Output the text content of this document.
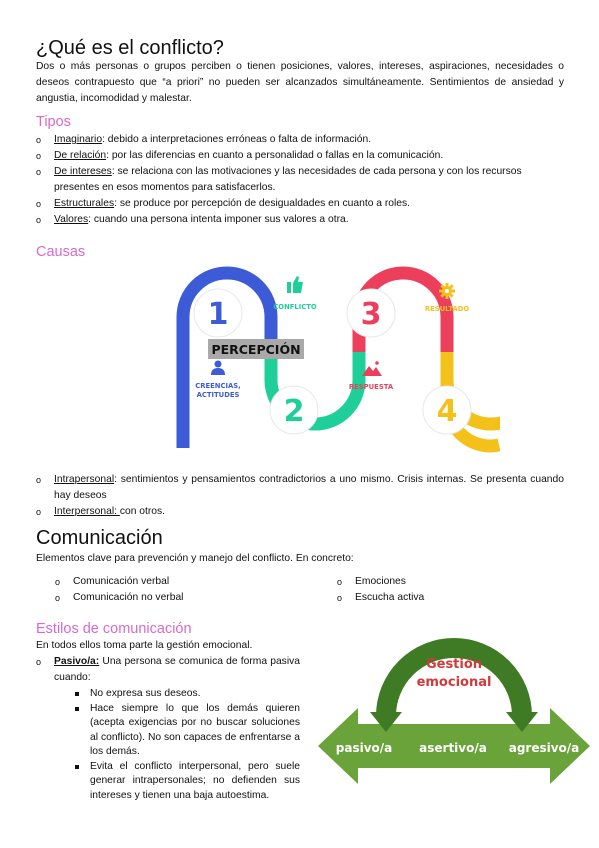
¿Qué es el conflicto?
Dos o más personas o grupos perciben o tienen posiciones, valores, intereses, aspiraciones, necesidades o deseos contrapuesto que “a priori” no pueden ser alcanzados simultáneamente. Sentimientos de ansiedad y angustia, incomodidad y malestar.
Tipos
o Imaginario: debido a interpretaciones erróneas o falta de información.
o De relación: por las diferencias en cuanto a personalidad o fallas en la comunicación.
o De intereses: se relaciona con las motivaciones y las necesidades de cada persona y con los recursos presentes en esos momentos para satisfacerlos.
o Estructurales: se produce por percepción de desigualdades en cuanto a roles.
o Valores: cuando una persona intenta imponer sus valores a otra.
Causas
1
2
3
4
PERCEPCIÓN
CONFLICTO
CREENCIAS,
ACTITUDES
RESPUESTA
RESULTADO
o Intrapersonal: sentimientos y pensamientos contradictorios a uno mismo. Crisis internas. Se presenta cuando hay deseos
o Interpersonal: con otros.
Comunicación
Elementos clave para prevención y manejo del conflicto. En concreto:
o Comunicación verbal
o Comunicación no verbal
o Emociones
o Escucha activa
Estilos de comunicación
En todos ellos toma parte la gestión emocional.
o Pasivo/a: Una persona se comunica de forma pasiva cuando:
No expresa sus deseos.
Hace siempre lo que los demás quieren (acepta exigencias por no buscar soluciones al conflicto). No son capaces de enfrentarse a los demás.
Evita el conflicto interpersonal, pero suele generar intrapersonales; no defienden sus intereses y tienen una baja autoestima.
Gestión
emocional
pasivo/a asertivo/a agresivo/a
